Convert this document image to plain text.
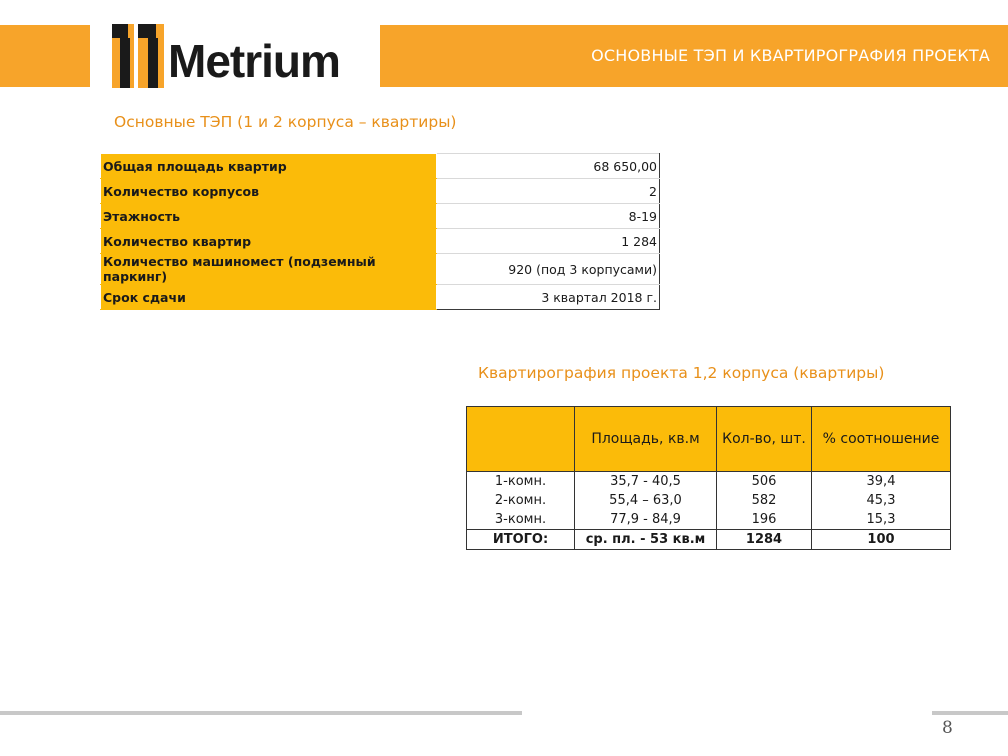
Metrium	ОСНОВНЫЕ ТЭП И КВАРТИРОГРАФИЯ ПРОЕКТА
Основные ТЭП (1 и 2 корпуса – квартиры)
Общая площадь квартир	68 650,00
Количество корпусов	2
Этажность	8-19
Количество квартир	1 284
Количество машиномест (подземный паркинг)	920 (под 3 корпусами)
Срок сдачи	3 квартал 2018 г.
Квартирография проекта 1,2 корпуса (квартиры)
	Площадь, кв.м	Кол-во, шт.	% соотношение
1-комн.	35,7 - 40,5	506	39,4
2-комн.	55,4 – 63,0	582	45,3
3-комн.	77,9 - 84,9	196	15,3
ИТОГО:	ср. пл. - 53 кв.м	1284	100
8
